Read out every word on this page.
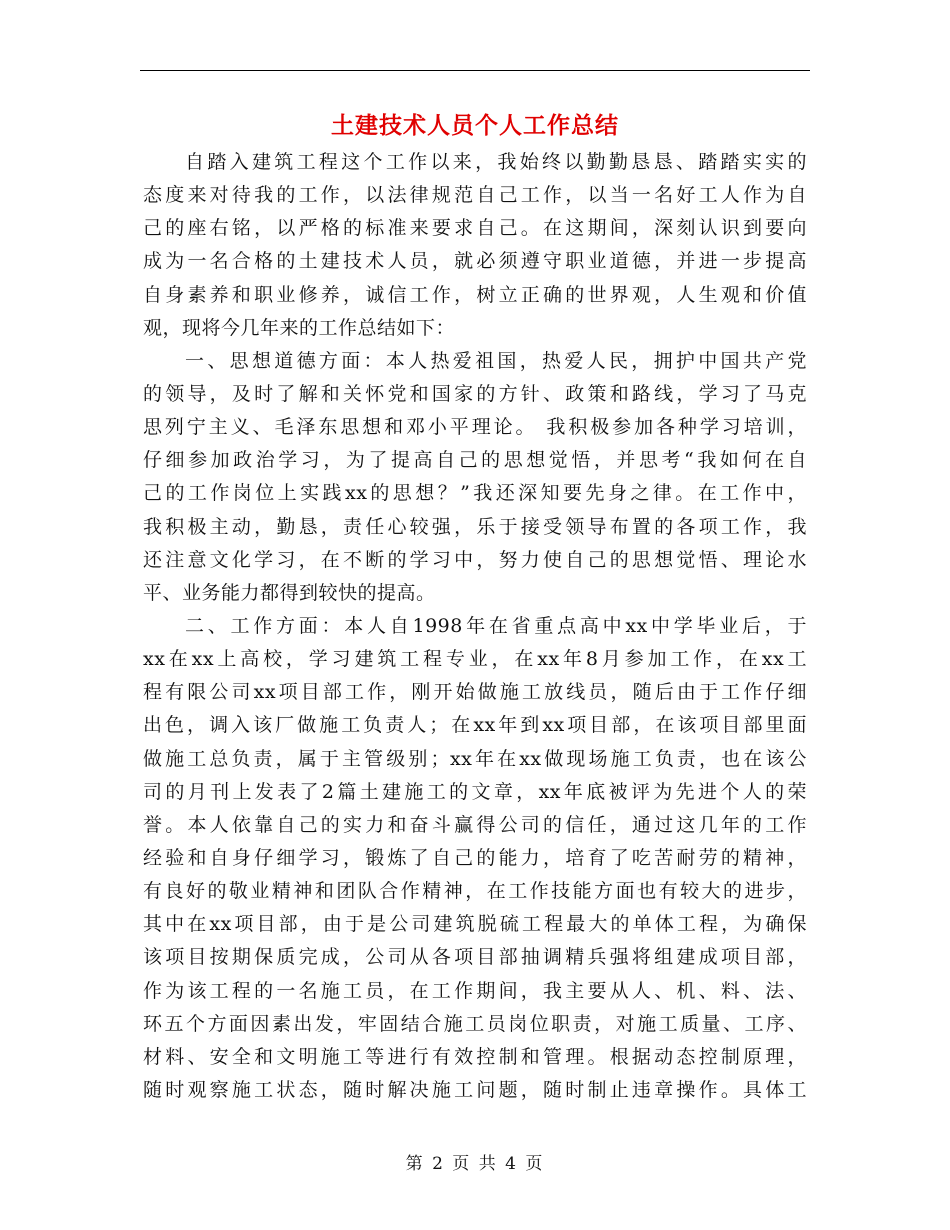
土建技术人员个人工作总结
自踏入建筑工程这个工作以来，我始终以勤勤恳恳、踏踏实实的
态度来对待我的工作，以法律规范自己工作，以当一名好工人作为自
己的座右铭，以严格的标准来要求自己。在这期间，深刻认识到要向
成为一名合格的土建技术人员，就必须遵守职业道德，并进一步提高
自身素养和职业修养，诚信工作，树立正确的世界观，人生观和价值
观，现将今几年来的工作总结如下：
一、思想道德方面：本人热爱祖国，热爱人民，拥护中国共产党
的领导，及时了解和关怀党和国家的方针、政策和路线，学习了马克
思列宁主义、毛泽东思想和邓小平理论。 我积极参加各种学习培训，
仔细参加政治学习，为了提高自己的思想觉悟，并思考“我如何在自
己的工作岗位上实践xx的思想？”我还深知要先身之律。在工作中，
我积极主动，勤恳，责任心较强，乐于接受领导布置的各项工作，我
还注意文化学习，在不断的学习中，努力使自己的思想觉悟、理论水
平、业务能力都得到较快的提高。
二、工作方面：本人自1998年在省重点高中xx中学毕业后，于
xx在xx上高校，学习建筑工程专业，在xx年8月参加工作，在xx工
程有限公司xx项目部工作，刚开始做施工放线员，随后由于工作仔细
出色，调入该厂做施工负责人；在xx年到xx项目部，在该项目部里面
做施工总负责，属于主管级别；xx年在xx做现场施工负责，也在该公
司的月刊上发表了2篇土建施工的文章，xx年底被评为先进个人的荣
誉。本人依靠自己的实力和奋斗赢得公司的信任，通过这几年的工作
经验和自身仔细学习，锻炼了自己的能力，培育了吃苦耐劳的精神，
有良好的敬业精神和团队合作精神，在工作技能方面也有较大的进步，
其中在xx项目部，由于是公司建筑脱硫工程最大的单体工程，为确保
该项目按期保质完成，公司从各项目部抽调精兵强将组建成项目部，
作为该工程的一名施工员，在工作期间，我主要从人、机、料、法、
环五个方面因素出发，牢固结合施工员岗位职责，对施工质量、工序、
材料、安全和文明施工等进行有效控制和管理。根据动态控制原理，
随时观察施工状态，随时解决施工问题，随时制止违章操作。具体工
第 2 页 共 4 页
